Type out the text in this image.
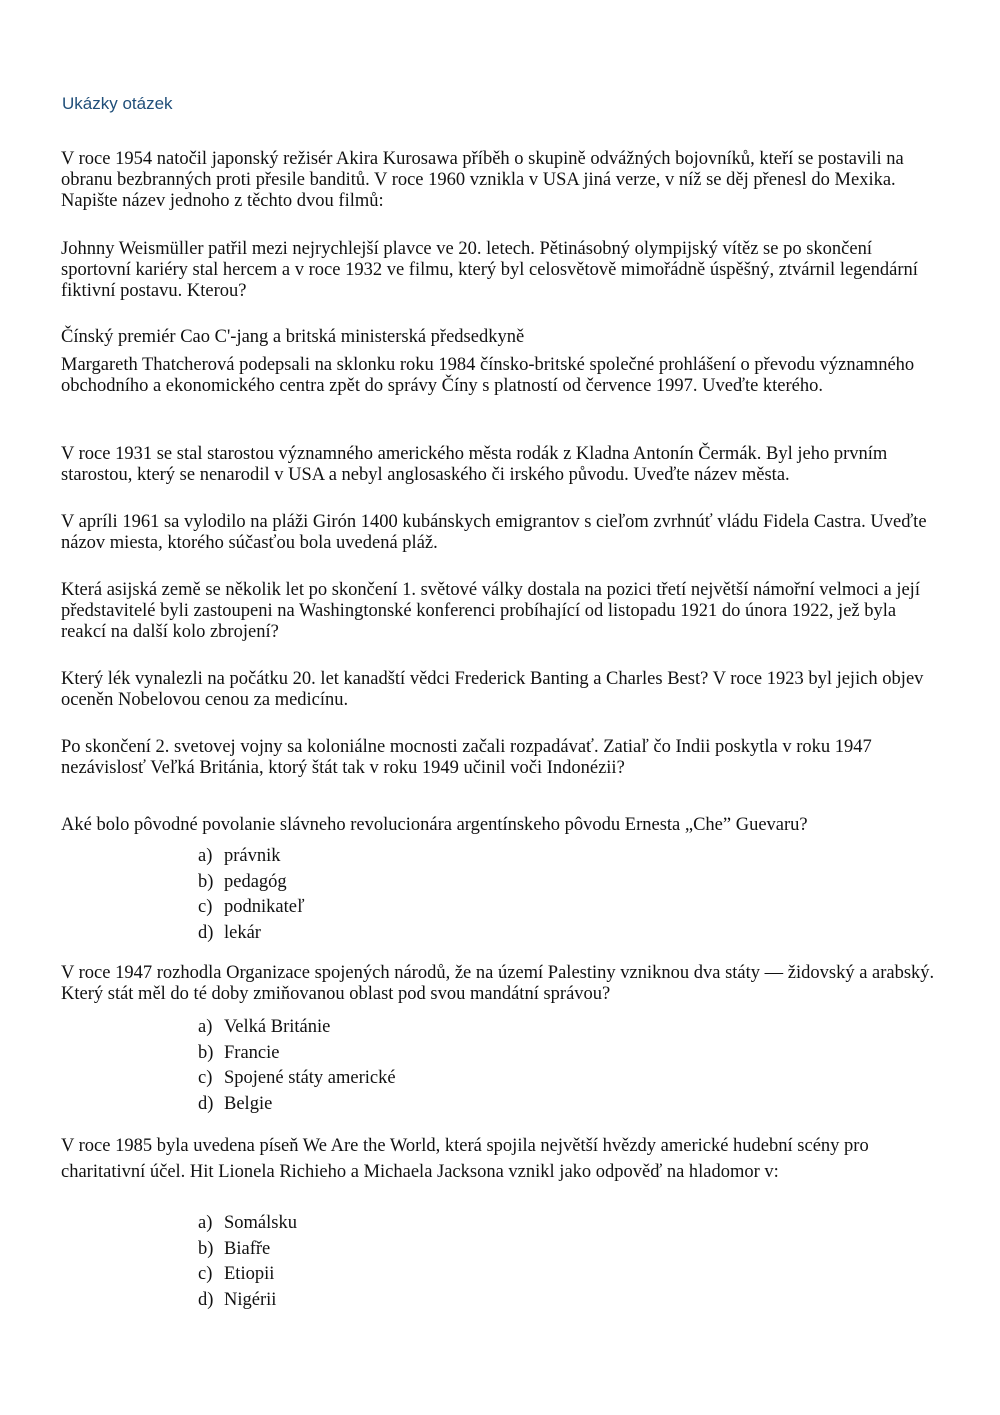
Ukázky otázek

V roce 1954 natočil japonský režisér Akira Kurosawa příběh o skupině odvážných bojovníků, kteří se postavili na obranu bezbranných proti přesile banditů. V roce 1960 vznikla v USA jiná verze, v níž se děj přenesl do Mexika. Napište název jednoho z těchto dvou filmů:

Johnny Weismüller patřil mezi nejrychlejší plavce ve 20. letech. Pětinásobný olympijský vítěz se po skončení sportovní kariéry stal hercem a v roce 1932 ve filmu, který byl celosvětově mimořádně úspěšný, ztvárnil legendární fiktivní postavu. Kterou?

Čínský premiér Cao C'-jang a britská ministerská předsedkyně

Margareth Thatcherová podepsali na sklonku roku 1984 čínsko-britské společné prohlášení o převodu významného obchodního a ekonomického centra zpět do správy Číny s platností od července 1997. Uveďte kterého.

V roce 1931 se stal starostou významného amerického města rodák z Kladna Antonín Čermák. Byl jeho prvním starostou, který se nenarodil v USA a nebyl anglosaského či irského původu. Uveďte název města.

V apríli 1961 sa vylodilo na pláži Girón 1400 kubánskych emigrantov s cieľom zvrhnúť vládu Fidela Castra. Uveďte názov miesta, ktorého súčasťou bola uvedená pláž.

Která asijská země se několik let po skončení 1. světové války dostala na pozici třetí největší námořní velmoci a její představitelé byli zastoupeni na Washingtonské konferenci probíhající od listopadu 1921 do února 1922, jež byla reakcí na další kolo zbrojení?

Který lék vynalezli na počátku 20. let kanadští vědci Frederick Banting a Charles Best? V roce 1923 byl jejich objev oceněn Nobelovou cenou za medicínu.

Po skončení 2. svetovej vojny sa koloniálne mocnosti začali rozpadávať. Zatiaľ čo Indii poskytla v roku 1947 nezávislosť Veľká Británia, ktorý štát tak v roku 1949 učinil voči Indonézii?

Aké bolo pôvodné povolanie slávneho revolucionára argentínskeho pôvodu Ernesta „Che” Guevaru?

a) právnik
b) pedagóg
c) podnikateľ
d) lekár

V roce 1947 rozhodla Organizace spojených národů, že na území Palestiny vzniknou dva státy — židovský a arabský. Který stát měl do té doby zmiňovanou oblast pod svou mandátní správou?

a) Velká Británie
b) Francie
c) Spojené státy americké
d) Belgie

V roce 1985 byla uvedena píseň We Are the World, která spojila největší hvězdy americké hudební scény pro charitativní účel. Hit Lionela Richieho a Michaela Jacksona vznikl jako odpověď na hladomor v:

a) Somálsku
b) Biafře
c) Etiopii
d) Nigérii
